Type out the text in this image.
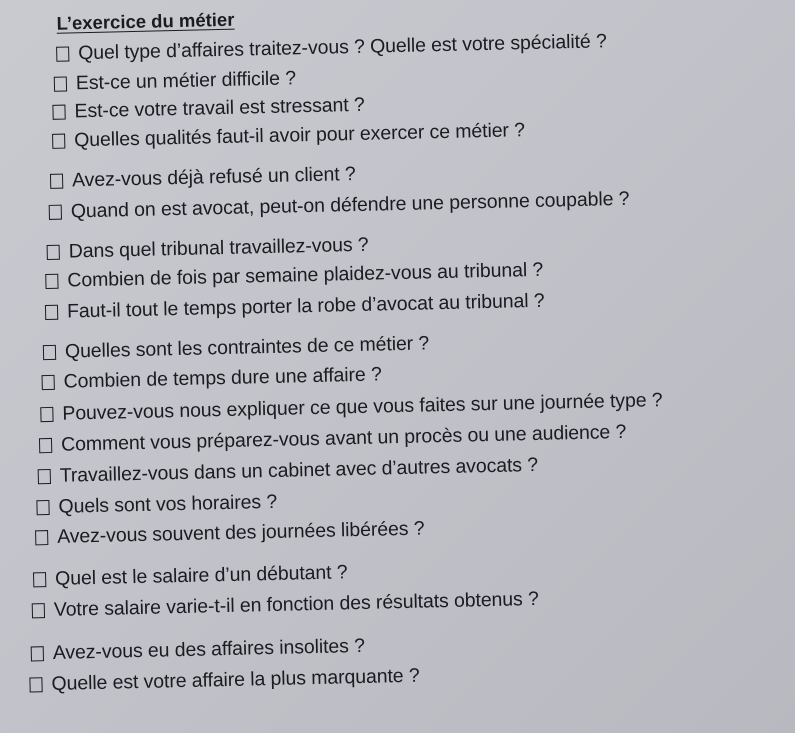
L’exercice du métier
Quel type d’affaires traitez-vous ? Quelle est votre spécialité ?
Est-ce un métier difficile ?
Est-ce votre travail est stressant ?
Quelles qualités faut-il avoir pour exercer ce métier ?
Avez-vous déjà refusé un client ?
Quand on est avocat, peut-on défendre une personne coupable ?
Dans quel tribunal travaillez-vous ?
Combien de fois par semaine plaidez-vous au tribunal ?
Faut-il tout le temps porter la robe d’avocat au tribunal ?
Quelles sont les contraintes de ce métier ?
Combien de temps dure une affaire ?
Pouvez-vous nous expliquer ce que vous faites sur une journée type ?
Comment vous préparez-vous avant un procès ou une audience ?
Travaillez-vous dans un cabinet avec d’autres avocats ?
Quels sont vos horaires ?
Avez-vous souvent des journées libérées ?
Quel est le salaire d’un débutant ?
Votre salaire varie-t-il en fonction des résultats obtenus ?
Avez-vous eu des affaires insolites ?
Quelle est votre affaire la plus marquante ?
